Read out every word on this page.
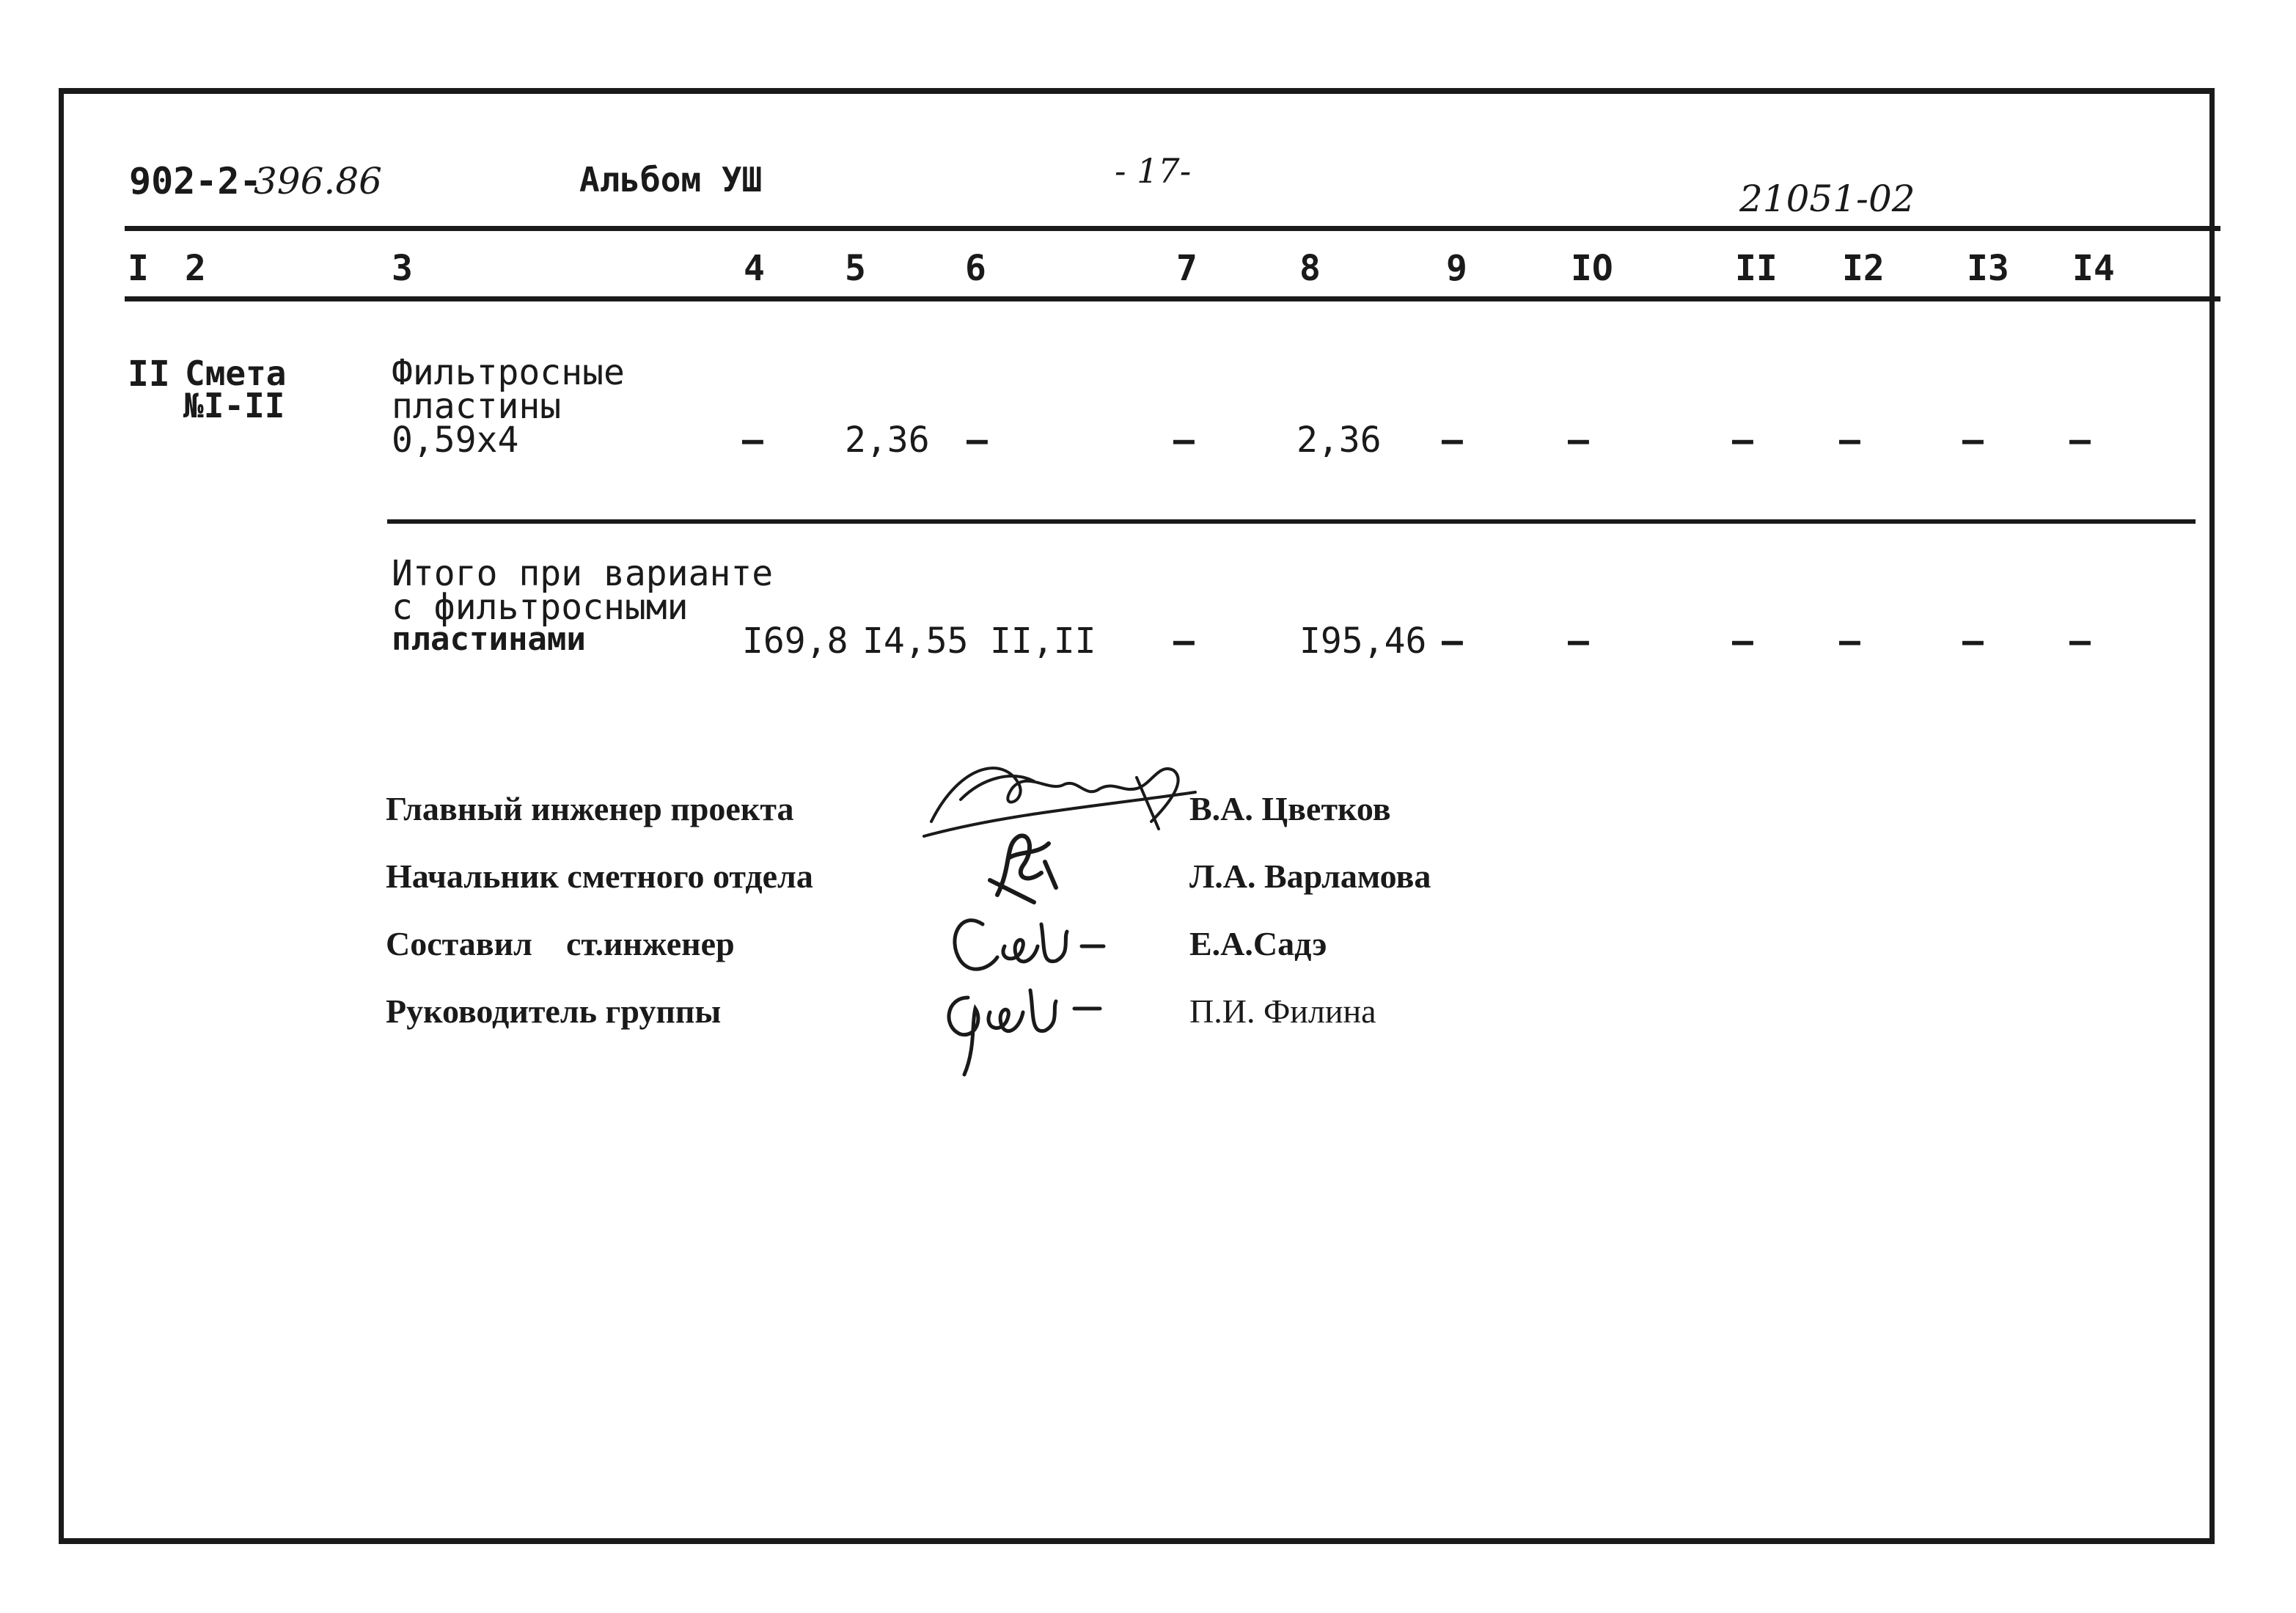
902-2-
396.86	Альбом УШ	- 17-
21051-02
I 2	3	4 5	6	7	8	9	IO	II I2 I3 I4
II Смета
№I-II
Фильтросные
пластины
0,59х4	– 2,36 –	–	2,36 –	–	– –	– –
Итого при варианте
с фильтросными
пластинами	I69,8 I4,55 II,II –	I95,46 –	–	– –	– –
Главный инженер проекта
Начальник сметного отдела
Составил    ст.инженер
Руководитель группы
В.А. Цветков
Л.А. Варламова
Е.А.Садэ
П.И. Филина
